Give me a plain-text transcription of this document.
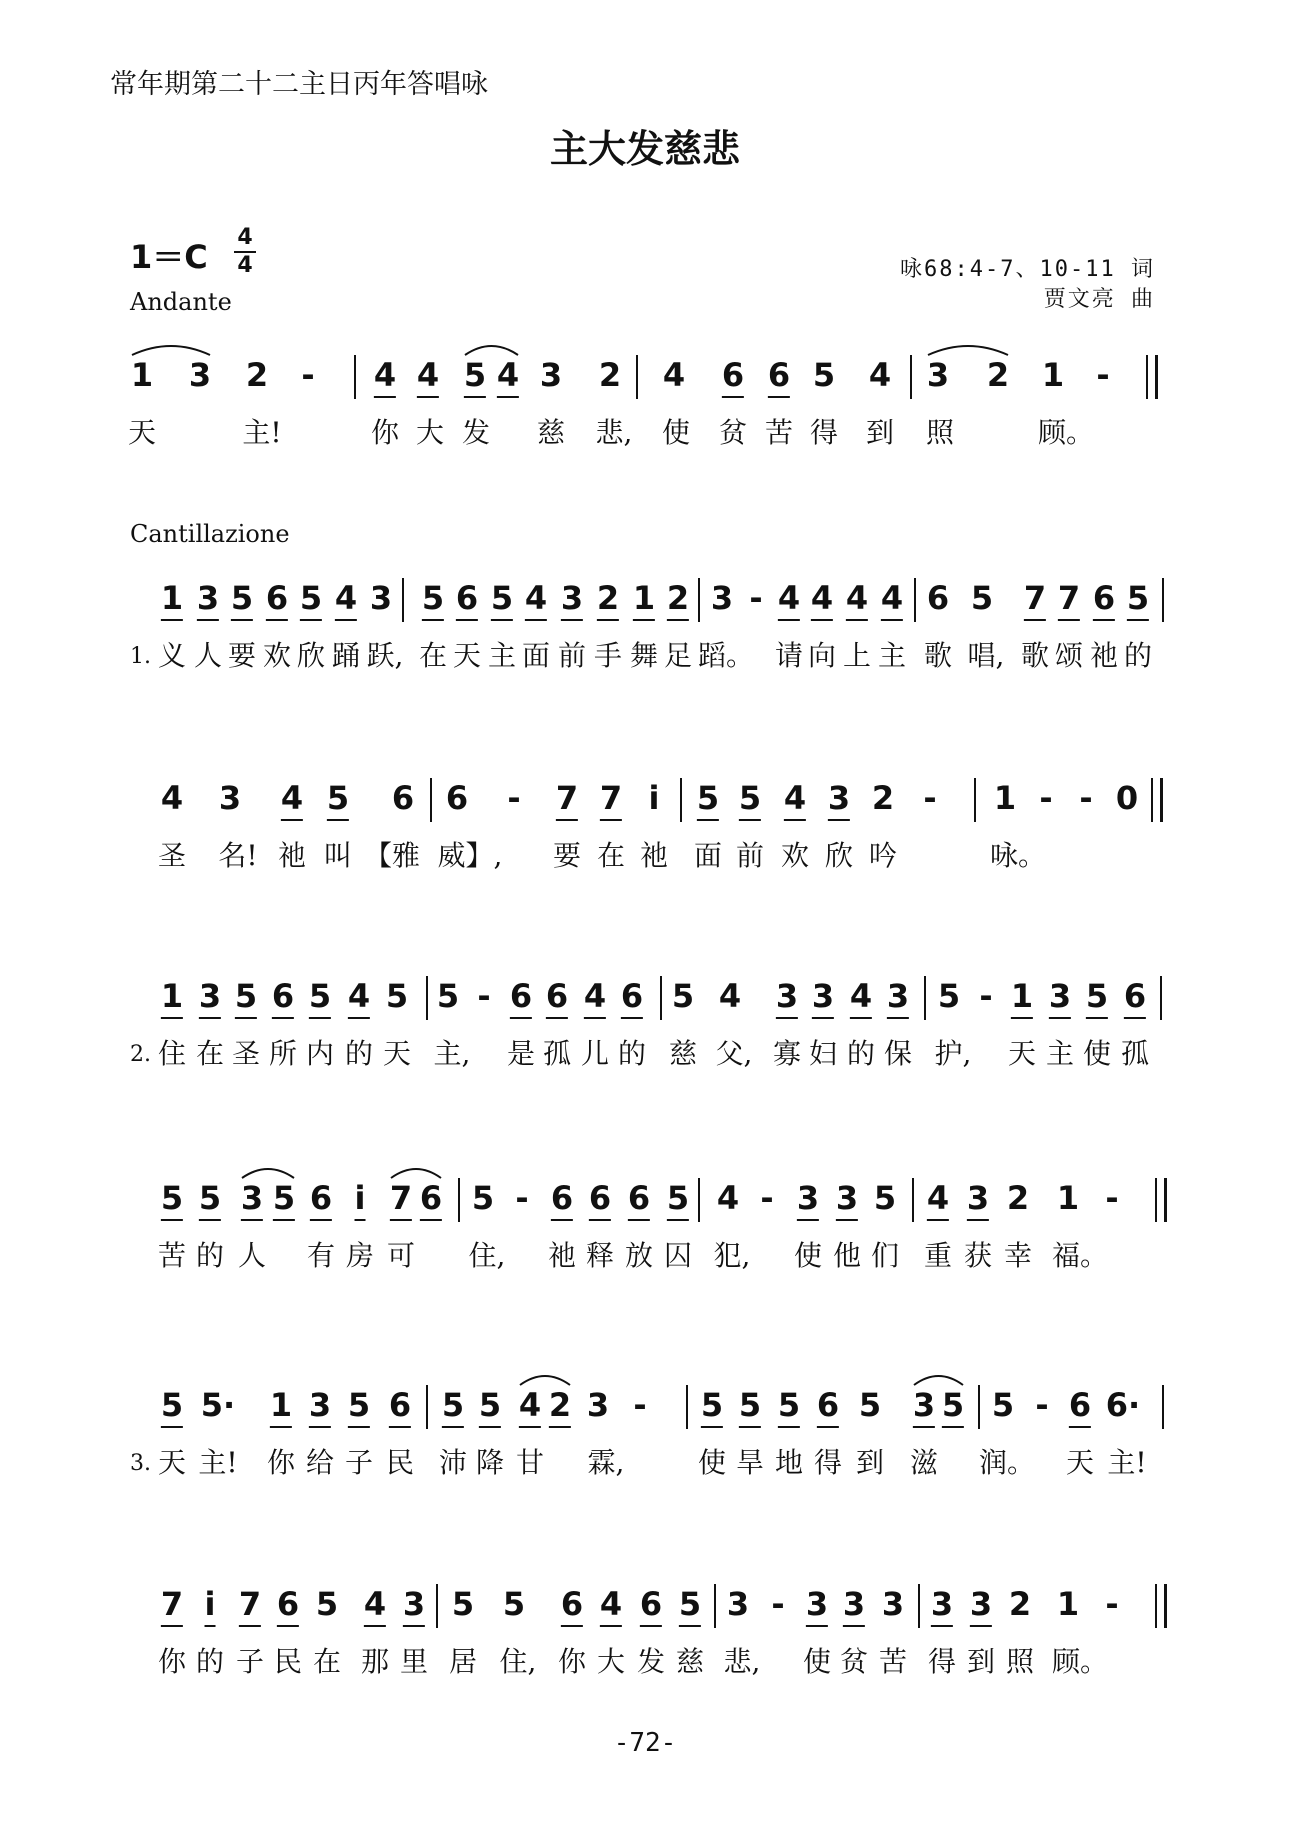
常年期第二十二主日丙年答唱咏
主大发慈悲
1＝C
4
4
Andante
咏68:4-7、10-11 词
贾文亮 曲
Cantillazione
1 3 2 - 4 4 5 4 3 2 4 6 6 5 4 3 2 1 -
天	主!	你 大 发 慈 悲, 使 贫 苦 得 到 照	顾。
1 3 5 6 5 4 3 5 6 5 4 3 2 1 2 3 - 4 4 4 4 6 5 7 7 6 5
1. 义 人 要 欢 欣 踊 跃, 在 天 主 面 前 手 舞 足 蹈。 请 向 上 主 歌 唱, 歌 颂 祂 的
4 3 4 5 6 6 - 7 7 i 5 5 4 3 2 - 1 - - 0
圣 名! 祂 叫 【雅 威】, 要 在 祂 面 前 欢 欣 吟	咏。
1 3 5 6 5 4 5 5 - 6 6 4 6 5 4 3 3 4 3 5 - 1 3 5 6
2. 住 在 圣 所 内 的 天 主, 是 孤 儿 的 慈 父, 寡 妇 的 保 护, 天 主 使 孤
5 5 3 5 6 i 7 6 5 - 6 6 6 5 4 - 3 3 5 4 3 2 1 -
苦 的 人 有 房 可 住, 祂 释 放 囚 犯, 使 他 们 重 获 幸 福。
5 5· 1 3 5 6 5 5 4 2 3 - 5 5 5 6 5 3 5 5 - 6 6·
3. 天 主! 你 给 子 民 沛 降 甘 霖,	使 旱 地 得 到 滋 润。 天 主!
7 i 7 6 5 4 3 5 5 6 4 6 5 3 - 3 3 3 3 3 2 1 -
你 的 子 民 在 那 里 居 住, 你 大 发 慈 悲, 使 贫 苦 得 到 照 顾。
-72-
